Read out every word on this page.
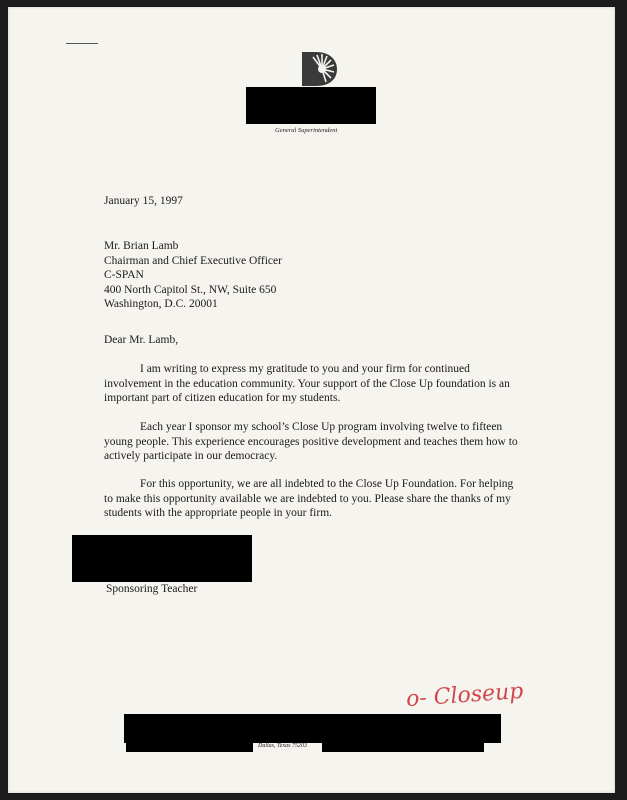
General Superintendent
January 15, 1997
Mr. Brian Lamb
Chairman and Chief Executive Officer
C-SPAN
400 North Capitol St., NW, Suite 650
Washington, D.C. 20001
Dear Mr. Lamb,
I am writing to express my gratitude to you and your firm for continued
involvement in the education community. Your support of the Close Up foundation is an
important part of citizen education for my students.
Each year I sponsor my school’s Close Up program involving twelve to fifteen
young people. This experience encourages positive development and teaches them how to
actively participate in our democracy.
For this opportunity, we are all indebted to the Close Up Foundation. For helping
to make this opportunity available we are indebted to you. Please share the thanks of my
students with the appropriate people in your firm.
Sponsoring Teacher
o- Closeup
Dallas, Texas 75203
